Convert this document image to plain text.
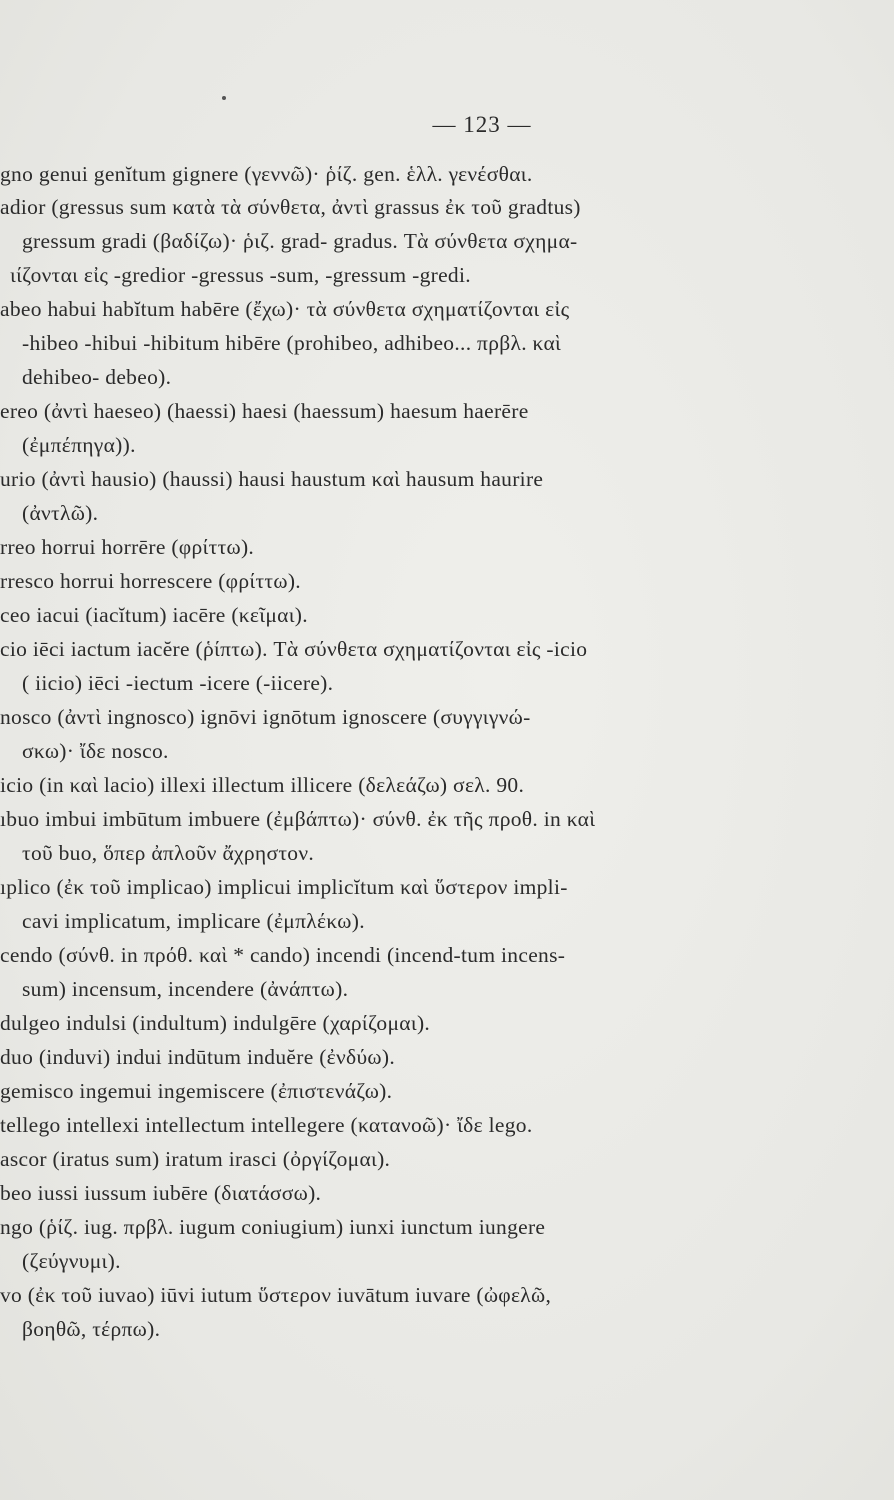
— 123 —
gno genui genĭtum gignere (γεννῶ)· ῥίζ. gen. ἑλλ. γενέσθαι.
adior (gressus sum κατὰ τὰ σύνθετα, ἀντὶ grassus ἐκ τοῦ gradtus)
gressum gradi (βαδίζω)· ῥιζ. grad- gradus. Τὰ σύνθετα σχημα-
ιίζονται εἰς -gredior -gressus -sum, -gressum -gredi.
abeo habui habĭtum habēre (ἔχω)· τὰ σύνθετα σχηματίζονται εἰς
-hibeo -hibui -hibitum hibēre (prohibeo, adhibeo... πρβλ. καὶ
dehibeo- debeo).
ereo (ἀντὶ haeseo) (haessi) haesi (haessum) haesum haerēre
(ἐμπέπηγα)).
urio (ἀντὶ hausio) (haussi) hausi haustum καὶ hausum haurire
(ἀντλῶ).
rreo horrui horrēre (φρίττω).
rresco horrui horrescere (φρίττω).
ceo iacui (iacĭtum) iacēre (κεῖμαι).
cio iēci iactum iacĕre (ῥίπτω). Τὰ σύνθετα σχηματίζονται εἰς -icio
( iicio) iēci -iectum -icere (-iicere).
nosco (ἀντὶ ingnosco) ignōvi ignōtum ignoscere (συγγιγνώ-
σκω)· ἴδε nosco.
icio (in καὶ lacio) illexi illectum illicere (δελεάζω) σελ. 90.
ıbuo imbui imbūtum imbuere (ἐμβάπτω)· σύνθ. ἐκ τῆς προθ. in καὶ
τοῦ buo, ὅπερ ἀπλοῦν ἄχρηστον.
ıplico (ἐκ τοῦ implicao) implicui implicĭtum καὶ ὕστερον impli-
cavi implicatum, implicare (ἐμπλέκω).
cendo (σύνθ. in πρόθ. καὶ * cando) incendi (incend-tum incens-
sum) incensum, incendere (ἀνάπτω).
dulgeo indulsi (indultum) indulgēre (χαρίζομαι).
duo (induvi) indui indūtum induĕre (ἐνδύω).
gemisco ingemui ingemiscere (ἐπιστενάζω).
tellego intellexi intellectum intellegere (κατανοῶ)· ἴδε lego.
ascor (iratus sum) iratum irasci (ὀργίζομαι).
beo iussi iussum iubēre (διατάσσω).
ngo (ῥίζ. iug. πρβλ. iugum coniugium) iunxi iunctum iungere
(ζεύγνυμι).
vo (ἐκ τοῦ iuvao) iūvi iutum ὕστερον iuvātum iuvare (ὠφελῶ,
βοηθῶ, τέρπω).
